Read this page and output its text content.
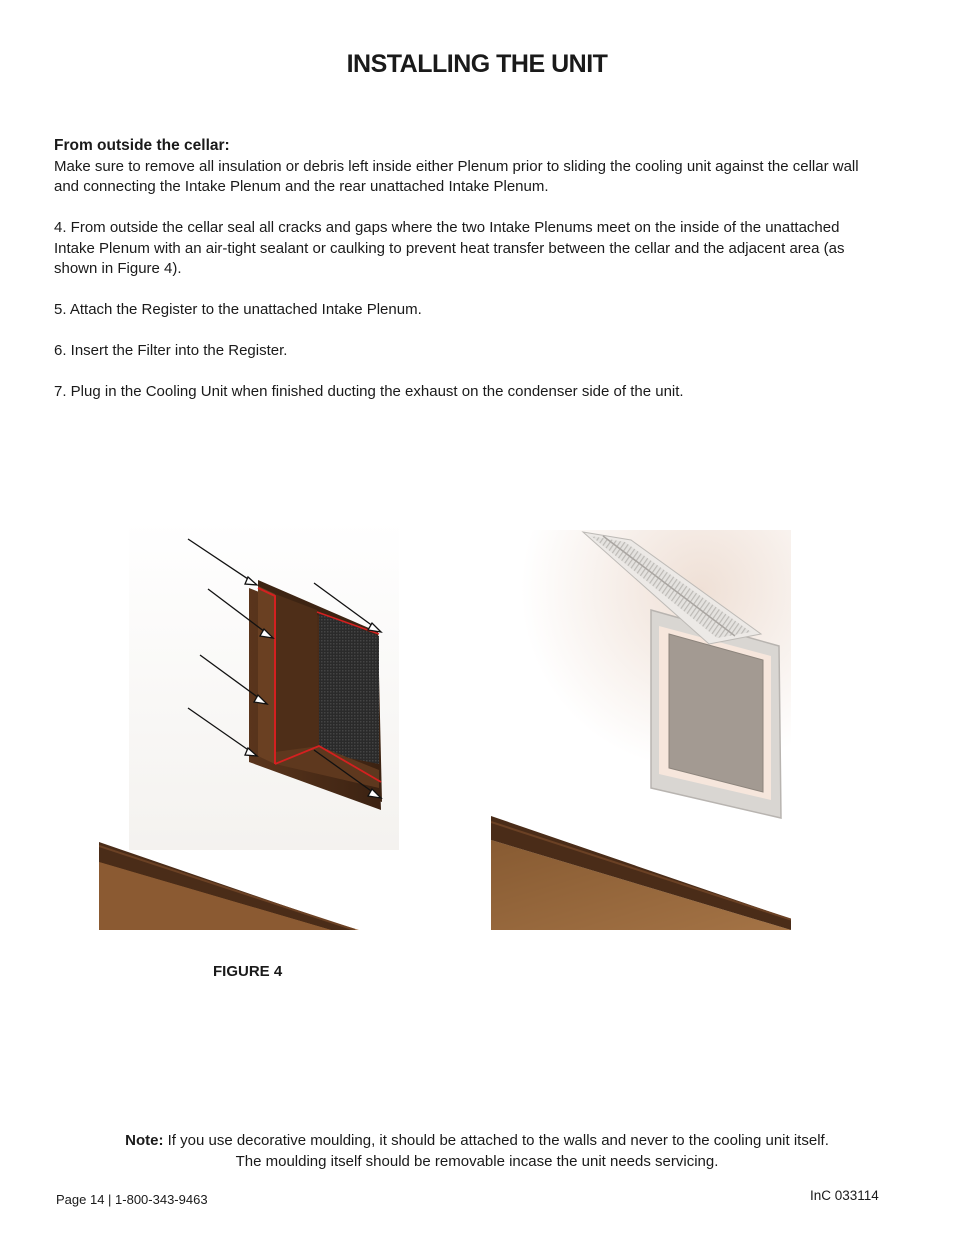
INSTALLING THE UNIT
From outside the cellar:

Make sure to remove all insulation or debris left inside either Plenum prior to sliding the cooling unit against the cellar wall and connecting the Intake Plenum and the rear unattached Intake Plenum.

4. From outside the cellar seal all cracks and gaps where the two Intake Plenums meet on the inside of the unattached Intake Plenum with an air-tight sealant or caulking to prevent heat transfer between the cellar and the adjacent area (as shown in Figure 4).

5. Attach the Register to the unattached Intake Plenum.

6. Insert the Filter into the Register.

7. Plug in the Cooling Unit when finished ducting the exhaust on the condenser side of the unit.

FIGURE 4
Note: If you use decorative moulding, it should be attached to the walls and never to the cooling unit itself.
The moulding itself should be removable incase the unit needs servicing.
Page 14 | 1-800-343-9463	InC 033114
